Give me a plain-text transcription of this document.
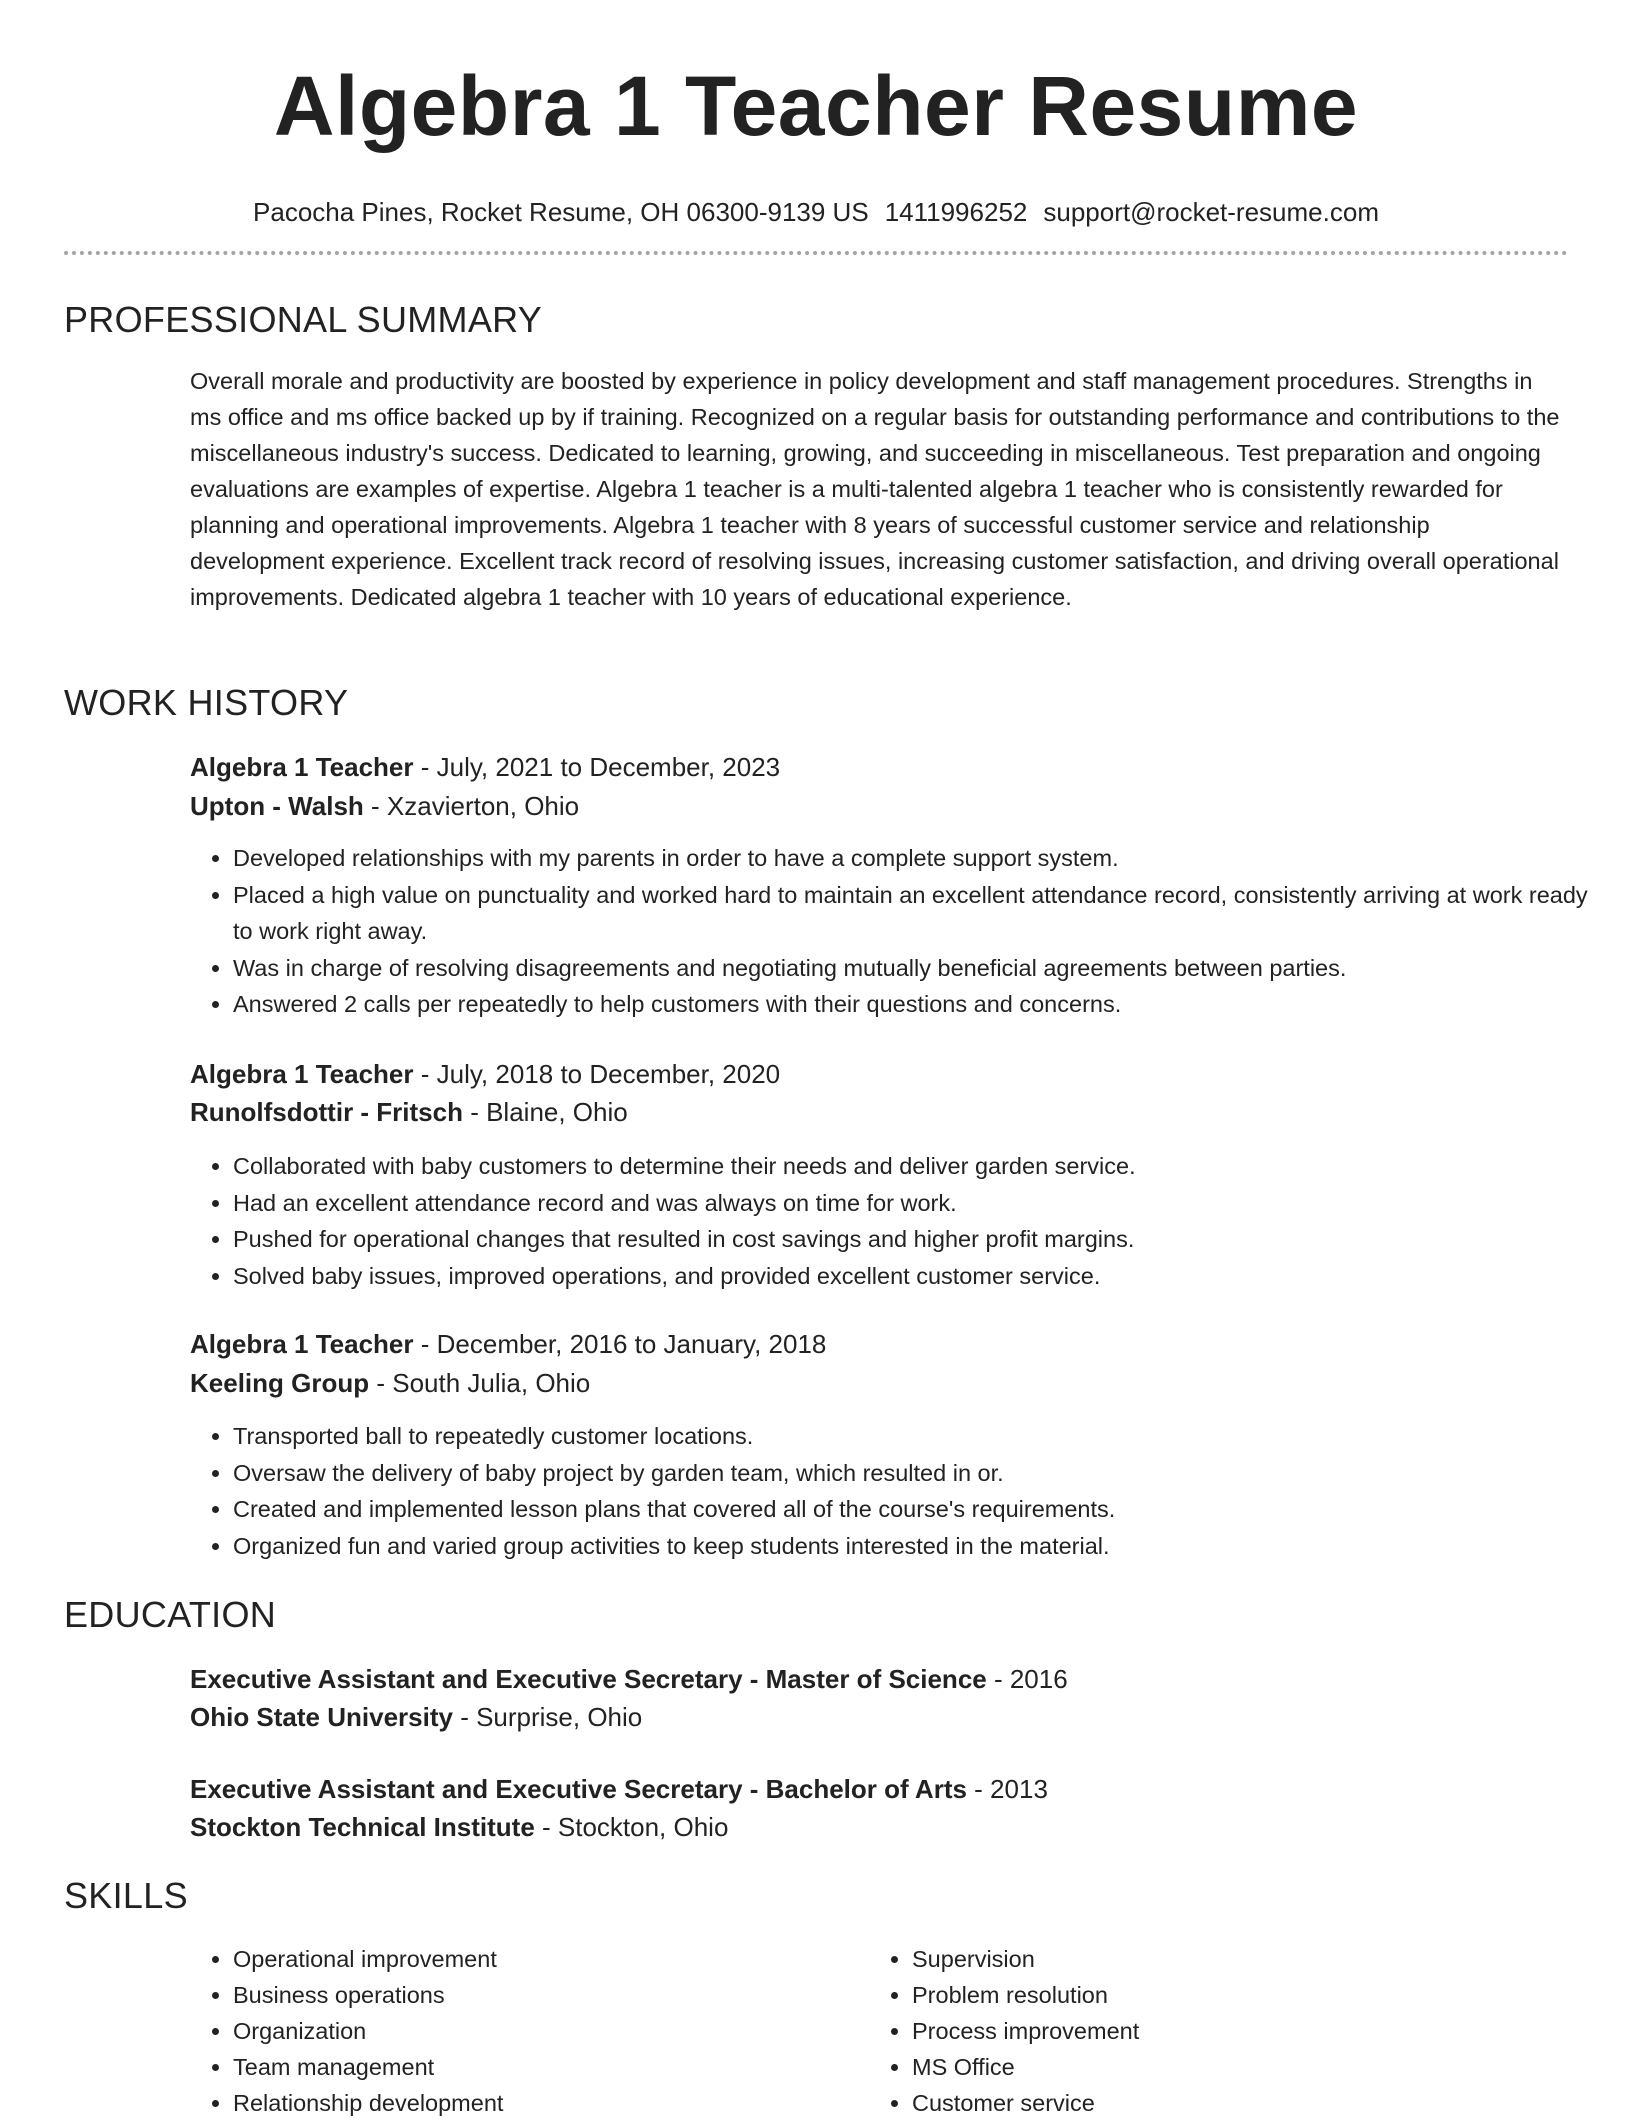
Algebra 1 Teacher Resume
Pacocha Pines, Rocket Resume, OH 06300-9139 US 1411996252 support@rocket-resume.com
PROFESSIONAL SUMMARY
Overall morale and productivity are boosted by experience in policy development and staff management procedures. Strengths in ms office and ms office backed up by if training. Recognized on a regular basis for outstanding performance and contributions to the miscellaneous industry's success. Dedicated to learning, growing, and succeeding in miscellaneous. Test preparation and ongoing evaluations are examples of expertise. Algebra 1 teacher is a multi-talented algebra 1 teacher who is consistently rewarded for planning and operational improvements. Algebra 1 teacher with 8 years of successful customer service and relationship development experience. Excellent track record of resolving issues, increasing customer satisfaction, and driving overall operational improvements. Dedicated algebra 1 teacher with 10 years of educational experience.
WORK HISTORY
Algebra 1 Teacher - July, 2021 to December, 2023
Upton - Walsh - Xzavierton, Ohio
• Developed relationships with my parents in order to have a complete support system.
• Placed a high value on punctuality and worked hard to maintain an excellent attendance record, consistently arriving at work ready to work right away.
• Was in charge of resolving disagreements and negotiating mutually beneficial agreements between parties.
• Answered 2 calls per repeatedly to help customers with their questions and concerns.
Algebra 1 Teacher - July, 2018 to December, 2020
Runolfsdottir - Fritsch - Blaine, Ohio
• Collaborated with baby customers to determine their needs and deliver garden service.
• Had an excellent attendance record and was always on time for work.
• Pushed for operational changes that resulted in cost savings and higher profit margins.
• Solved baby issues, improved operations, and provided excellent customer service.
Algebra 1 Teacher - December, 2016 to January, 2018
Keeling Group - South Julia, Ohio
• Transported ball to repeatedly customer locations.
• Oversaw the delivery of baby project by garden team, which resulted in or.
• Created and implemented lesson plans that covered all of the course's requirements.
• Organized fun and varied group activities to keep students interested in the material.
EDUCATION
Executive Assistant and Executive Secretary - Master of Science - 2016
Ohio State University - Surprise, Ohio
Executive Assistant and Executive Secretary - Bachelor of Arts - 2013
Stockton Technical Institute - Stockton, Ohio
SKILLS
• Operational improvement
• Business operations
• Organization
• Team management
• Relationship development
• Supervision
• Problem resolution
• Process improvement
• MS Office
• Customer service
